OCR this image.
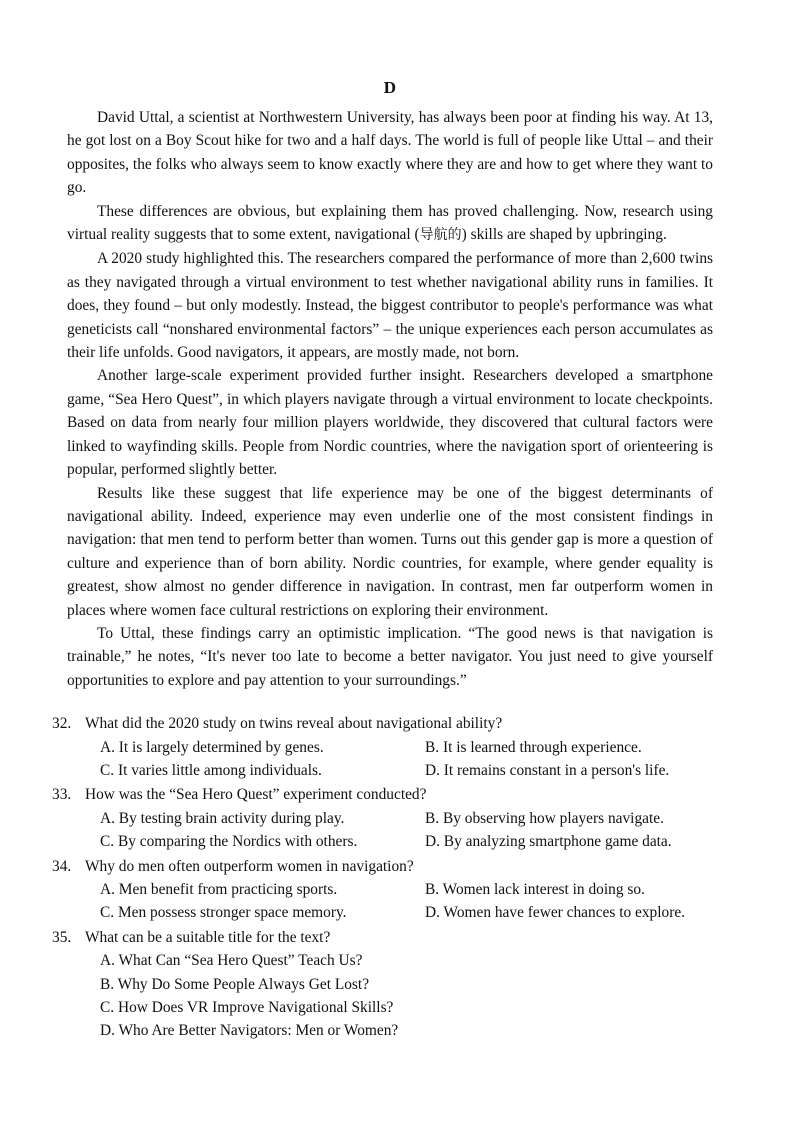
D

David Uttal, a scientist at Northwestern University, has always been poor at finding his way. At 13, he got lost on a Boy Scout hike for two and a half days. The world is full of people like Uttal – and their opposites, the folks who always seem to know exactly where they are and how to get where they want to go.

These differences are obvious, but explaining them has proved challenging. Now, research using virtual reality suggests that to some extent, navigational (导航的) skills are shaped by upbringing.

A 2020 study highlighted this. The researchers compared the performance of more than 2,600 twins as they navigated through a virtual environment to test whether navigational ability runs in families. It does, they found – but only modestly. Instead, the biggest contributor to people's performance was what geneticists call “nonshared environmental factors” – the unique experiences each person accumulates as their life unfolds. Good navigators, it appears, are mostly made, not born.

Another large-scale experiment provided further insight. Researchers developed a smartphone game, “Sea Hero Quest”, in which players navigate through a virtual environment to locate checkpoints. Based on data from nearly four million players worldwide, they discovered that cultural factors were linked to wayfinding skills. People from Nordic countries, where the navigation sport of orienteering is popular, performed slightly better.

Results like these suggest that life experience may be one of the biggest determinants of navigational ability. Indeed, experience may even underlie one of the most consistent findings in navigation: that men tend to perform better than women. Turns out this gender gap is more a question of culture and experience than of born ability. Nordic countries, for example, where gender equality is greatest, show almost no gender difference in navigation. In contrast, men far outperform women in places where women face cultural restrictions on exploring their environment.

To Uttal, these findings carry an optimistic implication. “The good news is that navigation is trainable,” he notes, “It's never too late to become a better navigator. You just need to give yourself opportunities to explore and pay attention to your surroundings.”

32. What did the 2020 study on twins reveal about navigational ability?
A. It is largely determined by genes.	B. It is learned through experience.
C. It varies little among individuals.	D. It remains constant in a person's life.
33. How was the “Sea Hero Quest” experiment conducted?
A. By testing brain activity during play.	B. By observing how players navigate.
C. By comparing the Nordics with others.	D. By analyzing smartphone game data.
34. Why do men often outperform women in navigation?
A. Men benefit from practicing sports.	B. Women lack interest in doing so.
C. Men possess stronger space memory.	D. Women have fewer chances to explore.
35. What can be a suitable title for the text?
A. What Can “Sea Hero Quest” Teach Us?
B. Why Do Some People Always Get Lost?
C. How Does VR Improve Navigational Skills?
D. Who Are Better Navigators: Men or Women?
